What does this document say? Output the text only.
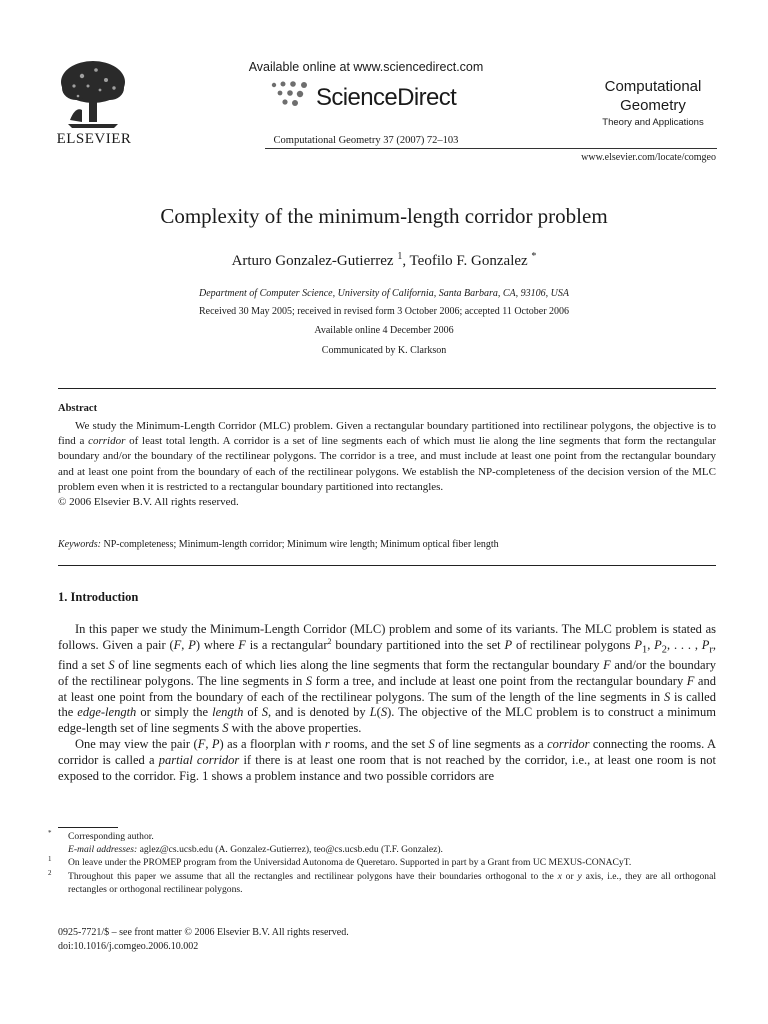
ELSEVIER
Available online at www.sciencedirect.com
ScienceDirect
Computational Geometry 37 (2007) 72–103
Computational
Geometry
Theory and Applications
www.elsevier.com/locate/comgeo
Complexity of the minimum-length corridor problem
Arturo Gonzalez-Gutierrez $^1$, Teofilo F. Gonzalez *
Department of Computer Science, University of California, Santa Barbara, CA, 93106, USA
Received 30 May 2005; received in revised form 3 October 2006; accepted 11 October 2006
Available online 4 December 2006
Communicated by K. Clarkson
Abstract

We study the Minimum-Length Corridor (MLC) problem. Given a rectangular boundary partitioned into rectilinear polygons, the objective is to find a corridor of least total length. A corridor is a set of line segments each of which must lie along the line segments that form the rectangular boundary and/or the boundary of the rectilinear polygons. The corridor is a tree, and must include at least one point from the rectangular boundary and at least one point from the boundary of each of the rectilinear polygons. We establish the NP-completeness of the decision version of the MLC problem even when it is restricted to a rectangular boundary partitioned into rectangles.

© 2006 Elsevier B.V. All rights reserved.

Keywords: NP-completeness; Minimum-length corridor; Minimum wire length; Minimum optical fiber length
1. Introduction

In this paper we study the Minimum-Length Corridor (MLC) problem and some of its variants. The MLC problem is stated as follows. Given a pair (F, P) where F is a rectangular$^2$ boundary partitioned into the set P of rectilinear polygons $P_1$, $P_2$, . . . , $P_r$, find a set S of line segments each of which lies along the line segments that form the rectangular boundary F and/or the boundary of the rectilinear polygons. The line segments in S form a tree, and include at least one point from the rectangular boundary F and at least one point from the boundary of each of the rectilinear polygons. The sum of the length of the line segments in S is called the edge-length or simply the length of S, and is denoted by L(S). The objective of the MLC problem is to construct a minimum edge-length set of line segments S with the above properties.

One may view the pair (F, P) as a floorplan with r rooms, and the set S of line segments as a corridor connecting the rooms. A corridor is called a partial corridor if there is at least one room that is not reached by the corridor, i.e., at least one room is not exposed to the corridor. Fig. 1 shows a problem instance and two possible corridors are

* Corresponding author.

E-mail addresses: aglez@cs.ucsb.edu (A. Gonzalez-Gutierrez), teo@cs.ucsb.edu (T.F. Gonzalez).

$^1$ On leave under the PROMEP program from the Universidad Autonoma de Queretaro. Supported in part by a Grant from UC MEXUS-CONACyT.

$^2$ Throughout this paper we assume that all the rectangles and rectilinear polygons have their boundaries orthogonal to the x or y axis, i.e., they are all orthogonal rectangles or orthogonal rectilinear polygons.

0925-7721/$ – see front matter © 2006 Elsevier B.V. All rights reserved.
doi:10.1016/j.comgeo.2006.10.002
